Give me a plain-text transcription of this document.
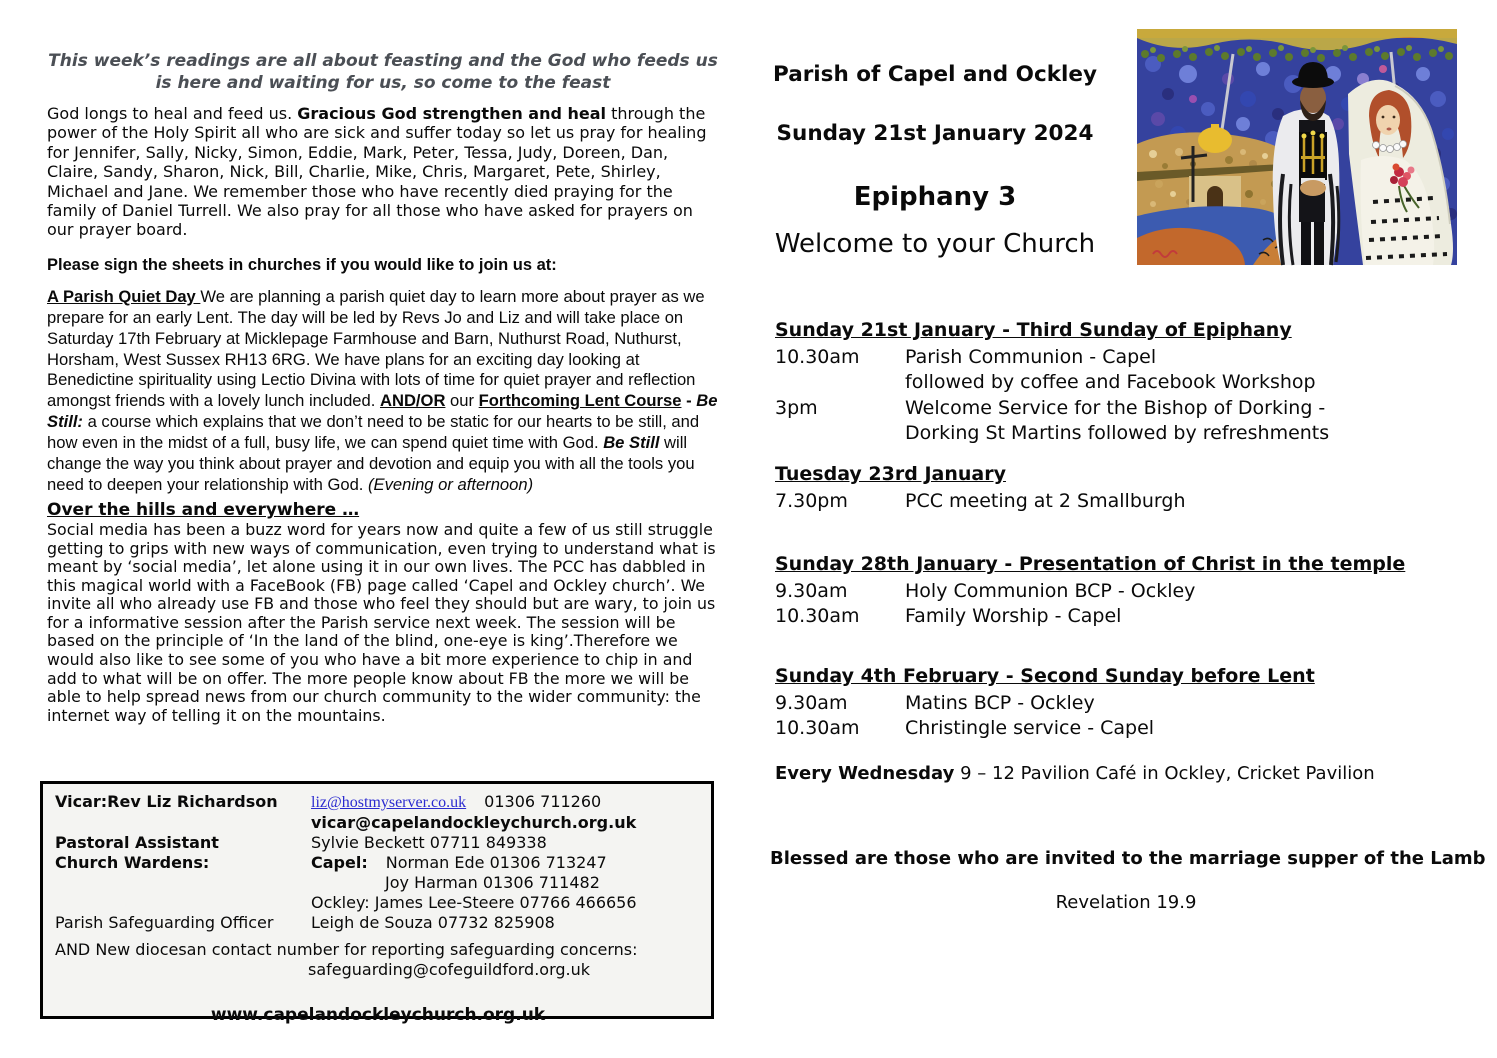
This week’s readings are all about feasting and the God who feeds us
is here and waiting for us, so come to the feast

God longs to heal and feed us. Gracious God strengthen and heal through the power of the Holy Spirit all who are sick and suffer today so let us pray for healing for Jennifer, Sally, Nicky, Simon, Eddie, Mark, Peter, Tessa, Judy, Doreen, Dan, Claire, Sandy, Sharon, Nick, Bill, Charlie, Mike, Chris, Margaret, Pete, Shirley, Michael and Jane. We remember those who have recently died praying for the family of Daniel Turrell. We also pray for all those who have asked for prayers on our prayer board.

Please sign the sheets in churches if you would like to join us at:

A Parish Quiet Day We are planning a parish quiet day to learn more about prayer as we prepare for an early Lent. The day will be led by Revs Jo and Liz and will take place on Saturday 17th February at Micklepage Farmhouse and Barn, Nuthurst Road, Nuthurst, Horsham, West Sussex RH13 6RG. We have plans for an exciting day looking at Benedictine spirituality using Lectio Divina with lots of time for quiet prayer and reflection amongst friends with a lovely lunch included. AND/OR our Forthcoming Lent Course - Be Still: a course which explains that we don’t need to be static for our hearts to be still, and how even in the midst of a full, busy life, we can spend quiet time with God. Be Still will change the way you think about prayer and devotion and equip you with all the tools you need to deepen your relationship with God. (Evening or afternoon)

Over the hills and everywhere …

Social media has been a buzz word for years now and quite a few of us still struggle getting to grips with new ways of communication, even trying to understand what is meant by ‘social media’, let alone using it in our own lives. The PCC has dabbled in this magical world with a FaceBook (FB) page called ‘Capel and Ockley church’. We invite all who already use FB and those who feel they should but are wary, to join us for a informative session after the Parish service next week. The session will be based on the principle of ‘In the land of the blind, one-eye is king’.Therefore we would also like to see some of you who have a bit more experience to chip in and add to what will be on offer. The more people know about FB the more we will be able to help spread news from our church community to the wider community: the internet way of telling it on the mountains.

Vicar:Rev Liz Richardson	liz@hostmyserver.co.uk 01306 711260
vicar@capelandockleychurch.org.uk
Pastoral Assistant	Sylvie Beckett 07711 849338
Church Wardens:	Capel: Norman Ede 01306 713247
Joy Harman 01306 711482
Ockley: James Lee-Steere 07766 466656
Parish Safeguarding Officer	Leigh de Souza 07732 825908
AND New diocesan contact number for reporting safeguarding concerns:
safeguarding@cofeguildford.org.uk
www.capelandockleychurch.org.uk
Parish of Capel and Ockley
Sunday 21st January 2024
Epiphany 3
Welcome to your Church
Sunday 21st January - Third Sunday of Epiphany
10.30am	Parish Communion - Capel
followed by coffee and Facebook Workshop
3pm	Welcome Service for the Bishop of Dorking -
Dorking St Martins followed by refreshments
Tuesday 23rd January
7.30pm	PCC meeting at 2 Smallburgh
Sunday 28th January - Presentation of Christ in the temple
9.30am	Holy Communion BCP - Ockley
10.30am	Family Worship - Capel
Sunday 4th February - Second Sunday before Lent
9.30am	Matins BCP - Ockley
10.30am	Christingle service - Capel
Every Wednesday 9 – 12 Pavilion Café in Ockley, Cricket Pavilion
Blessed are those who are invited to the marriage supper of the Lamb
Revelation 19.9
